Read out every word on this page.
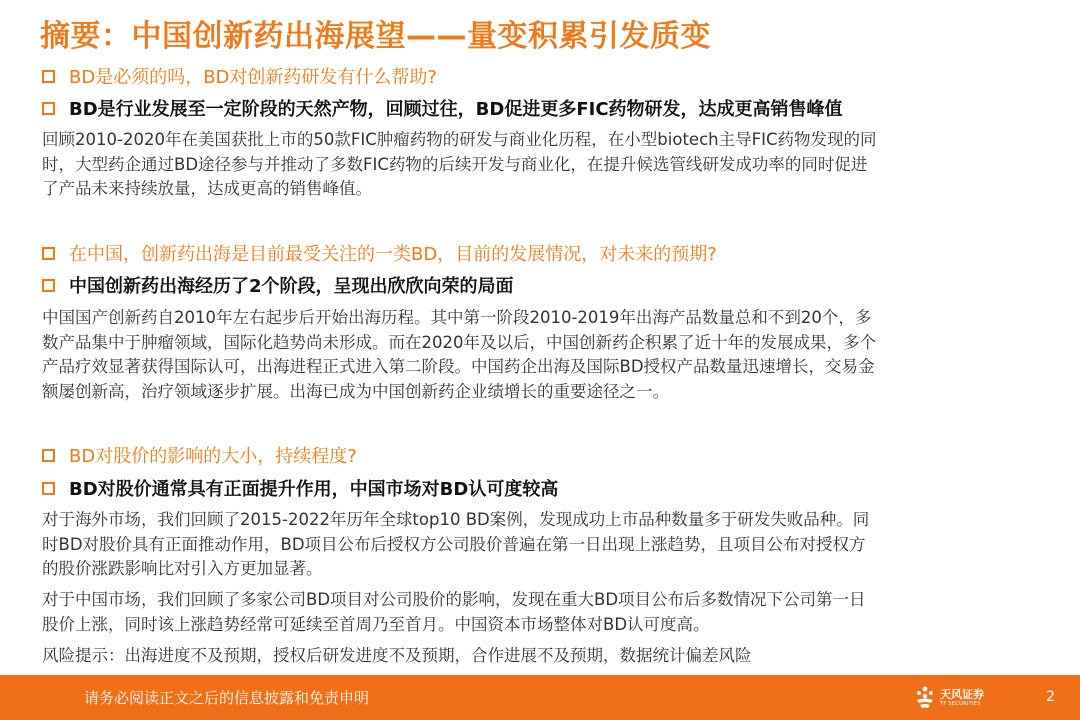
摘要：中国创新药出海展望——量变积累引发质变
BD是必须的吗，BD对创新药研发有什么帮助?
BD是行业发展至一定阶段的天然产物，回顾过往，BD促进更多FIC药物研发，达成更高销售峰值
回顾2010-2020年在美国获批上市的50款FIC肿瘤药物的研发与商业化历程，在小型biotech主导FIC药物发现的同
时，大型药企通过BD途径参与并推动了多数FIC药物的后续开发与商业化，在提升候选管线研发成功率的同时促进
了产品未来持续放量，达成更高的销售峰值。
在中国，创新药出海是目前最受关注的一类BD，目前的发展情况，对未来的预期?
中国创新药出海经历了2个阶段，呈现出欣欣向荣的局面
中国国产创新药自2010年左右起步后开始出海历程。其中第一阶段2010-2019年出海产品数量总和不到20个，多
数产品集中于肿瘤领域，国际化趋势尚未形成。而在2020年及以后，中国创新药企积累了近十年的发展成果，多个
产品疗效显著获得国际认可，出海进程正式进入第二阶段。中国药企出海及国际BD授权产品数量迅速增长，交易金
额屡创新高，治疗领域逐步扩展。出海已成为中国创新药企业绩增长的重要途径之一。
BD对股价的影响的大小，持续程度?
BD对股价通常具有正面提升作用，中国市场对BD认可度较高
对于海外市场，我们回顾了2015-2022年历年全球top10 BD案例，发现成功上市品种数量多于研发失败品种。同
时BD对股价具有正面推动作用，BD项目公布后授权方公司股价普遍在第一日出现上涨趋势，且项目公布对授权方
的股价涨跌影响比对引入方更加显著。
对于中国市场，我们回顾了多家公司BD项目对公司股价的影响，发现在重大BD项目公布后多数情况下公司第一日
股价上涨，同时该上涨趋势经常可延续至首周乃至首月。中国资本市场整体对BD认可度高。
风险提示：出海进度不及预期，授权后研发进度不及预期，合作进展不及预期，数据统计偏差风险
请务必阅读正文之后的信息披露和免责申明	天风证券
TF SECURITIES	2
